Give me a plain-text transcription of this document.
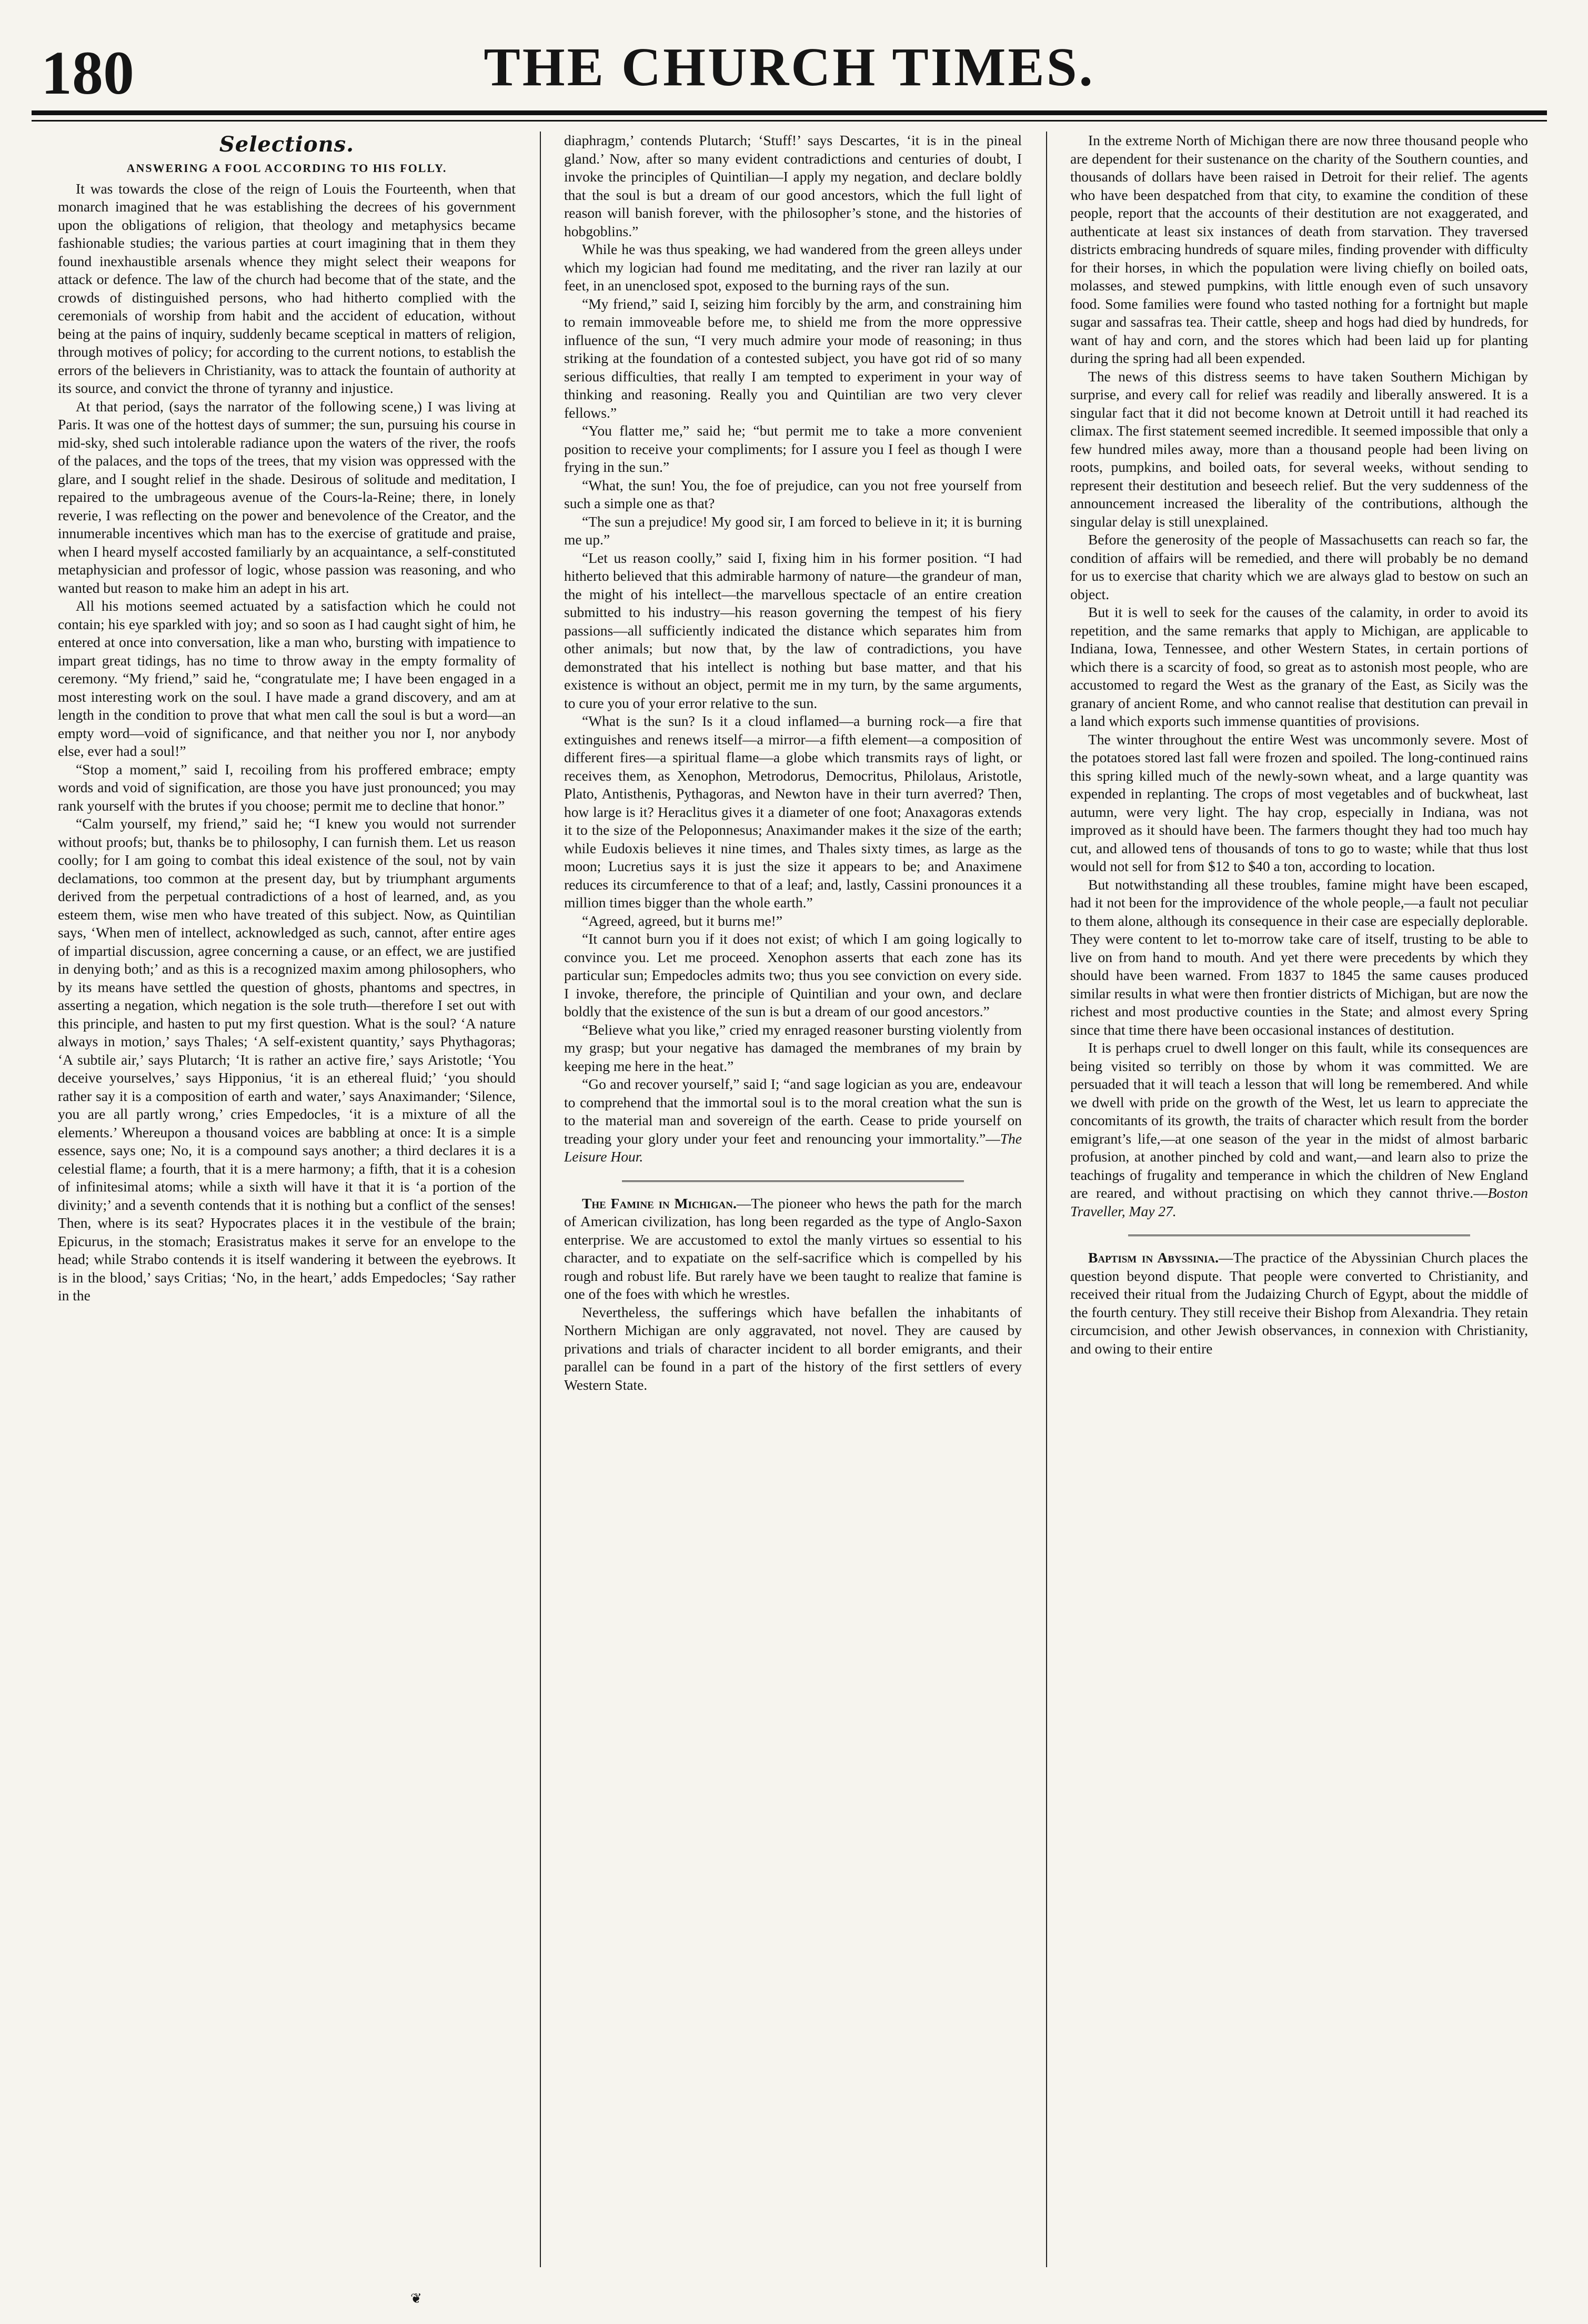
180	THE CHURCH TIMES.
Selections.
ANSWERING A FOOL ACCORDING TO HIS FOLLY.

It was towards the close of the reign of Louis the Fourteenth, when that monarch imagined that he was establishing the decrees of his government upon the obligations of religion, that theology and metaphysics became fashionable studies; the various parties at court imagining that in them they found inexhaustible arsenals whence they might select their weapons for attack or defence. The law of the church had become that of the state, and the crowds of distinguished persons, who had hitherto complied with the ceremonials of worship from habit and the accident of education, without being at the pains of inquiry, suddenly became sceptical in matters of religion, through motives of policy; for according to the current notions, to establish the errors of the believers in Christianity, was to attack the fountain of authority at its source, and convict the throne of tyranny and injustice.

At that period, (says the narrator of the following scene,) I was living at Paris. It was one of the hottest days of summer; the sun, pursuing his course in mid-sky, shed such intolerable radiance upon the waters of the river, the roofs of the palaces, and the tops of the trees, that my vision was oppressed with the glare, and I sought relief in the shade. Desirous of solitude and meditation, I repaired to the umbrageous avenue of the Cours-la-Reine; there, in lonely reverie, I was reflecting on the power and benevolence of the Creator, and the innumerable incentives which man has to the exercise of gratitude and praise, when I heard myself accosted familiarly by an acquaintance, a self-constituted metaphysician and professor of logic, whose passion was reasoning, and who wanted but reason to make him an adept in his art.

All his motions seemed actuated by a satisfaction which he could not contain; his eye sparkled with joy; and so soon as I had caught sight of him, he entered at once into conversation, like a man who, bursting with impatience to impart great tidings, has no time to throw away in the empty formality of ceremony. “My friend,” said he, “congratulate me; I have been engaged in a most interesting work on the soul. I have made a grand discovery, and am at length in the condition to prove that what men call the soul is but a word—an empty word—void of significance, and that neither you nor I, nor anybody else, ever had a soul!”

“Stop a moment,” said I, recoiling from his proffered embrace; empty words and void of signification, are those you have just pronounced; you may rank yourself with the brutes if you choose; permit me to decline that honor.”

“Calm yourself, my friend,” said he; “I knew you would not surrender without proofs; but, thanks be to philosophy, I can furnish them. Let us reason coolly; for I am going to combat this ideal existence of the soul, not by vain declamations, too common at the present day, but by triumphant arguments derived from the perpetual contradictions of a host of learned, and, as you esteem them, wise men who have treated of this subject. Now, as Quintilian says, ‘When men of intellect, acknowledged as such, cannot, after entire ages of impartial discussion, agree concerning a cause, or an effect, we are justified in denying both;’ and as this is a recognized maxim among philosophers, who by its means have settled the question of ghosts, phantoms and spectres, in asserting a negation, which negation is the sole truth—therefore I set out with this principle, and hasten to put my first question. What is the soul? ‘A nature always in motion,’ says Thales; ‘A self-existent quantity,’ says Phythagoras; ‘A subtile air,’ says Plutarch; ‘It is rather an active fire,’ says Aristotle; ‘You deceive yourselves,’ says Hipponius, ‘it is an ethereal fluid;’ ‘you should rather say it is a composition of earth and water,’ says Anaximander; ‘Silence, you are all partly wrong,’ cries Empedocles, ‘it is a mixture of all the elements.’ Whereupon a thousand voices are babbling at once: It is a simple essence, says one; No, it is a compound says another; a third declares it is a celestial flame; a fourth, that it is a mere harmony; a fifth, that it is a cohesion of infinitesimal atoms; while a sixth will have it that it is ‘a portion of the divinity;’ and a seventh contends that it is nothing but a conflict of the senses! Then, where is its seat? Hypocrates places it in the vestibule of the brain; Epicurus, in the stomach; Erasistratus makes it serve for an envelope to the head; while Strabo contends it is itself wandering it between the eyebrows. It is in the blood,’ says Critias; ‘No, in the heart,’ adds Empedocles; ‘Say rather in the

diaphragm,’ contends Plutarch; ‘Stuff!’ says Descartes, ‘it is in the pineal gland.’ Now, after so many evident contradictions and centuries of doubt, I invoke the principles of Quintilian—I apply my negation, and declare boldly that the soul is but a dream of our good ancestors, which the full light of reason will banish forever, with the philosopher’s stone, and the histories of hobgoblins.”

While he was thus speaking, we had wandered from the green alleys under which my logician had found me meditating, and the river ran lazily at our feet, in an unenclosed spot, exposed to the burning rays of the sun.

“My friend,” said I, seizing him forcibly by the arm, and constraining him to remain immoveable before me, to shield me from the more oppressive influence of the sun, “I very much admire your mode of reasoning; in thus striking at the foundation of a contested subject, you have got rid of so many serious difficulties, that really I am tempted to experiment in your way of thinking and reasoning. Really you and Quintilian are two very clever fellows.”

“You flatter me,” said he; “but permit me to take a more convenient position to receive your compliments; for I assure you I feel as though I were frying in the sun.”

“What, the sun! You, the foe of prejudice, can you not free yourself from such a simple one as that?

“The sun a prejudice! My good sir, I am forced to believe in it; it is burning me up.”

“Let us reason coolly,” said I, fixing him in his former position. “I had hitherto believed that this admirable harmony of nature—the grandeur of man, the might of his intellect—the marvellous spectacle of an entire creation submitted to his industry—his reason governing the tempest of his fiery passions—all sufficiently indicated the distance which separates him from other animals; but now that, by the law of contradictions, you have demonstrated that his intellect is nothing but base matter, and that his existence is without an object, permit me in my turn, by the same arguments, to cure you of your error relative to the sun.

“What is the sun? Is it a cloud inflamed—a burning rock—a fire that extinguishes and renews itself—a mirror—a fifth element—a composition of different fires—a spiritual flame—a globe which transmits rays of light, or receives them, as Xenophon, Metrodorus, Democritus, Philolaus, Aristotle, Plato, Antisthenis, Pythagoras, and Newton have in their turn averred? Then, how large is it? Heraclitus gives it a diameter of one foot; Anaxagoras extends it to the size of the Peloponnesus; Anaximander makes it the size of the earth; while Eudoxis believes it nine times, and Thales sixty times, as large as the moon; Lucretius says it is just the size it appears to be; and Anaximene reduces its circumference to that of a leaf; and, lastly, Cassini pronounces it a million times bigger than the whole earth.”

“Agreed, agreed, but it burns me!”

“It cannot burn you if it does not exist; of which I am going logically to convince you. Let me proceed. Xenophon asserts that each zone has its particular sun; Empedocles admits two; thus you see conviction on every side. I invoke, therefore, the principle of Quintilian and your own, and declare boldly that the existence of the sun is but a dream of our good ancestors.”

“Believe what you like,” cried my enraged reasoner bursting violently from my grasp; but your negative has damaged the membranes of my brain by keeping me here in the heat.”

“Go and recover yourself,” said I; “and sage logician as you are, endeavour to comprehend that the immortal soul is to the moral creation what the sun is to the material man and sovereign of the earth. Cease to pride yourself on treading your glory under your feet and renouncing your immortality.”—The Leisure Hour.

The Famine in Michigan.—The pioneer who hews the path for the march of American civilization, has long been regarded as the type of Anglo-Saxon enterprise. We are accustomed to extol the manly virtues so essential to his character, and to expatiate on the self-sacrifice which is compelled by his rough and robust life. But rarely have we been taught to realize that famine is one of the foes with which he wrestles.

Nevertheless, the sufferings which have befallen the inhabitants of Northern Michigan are only aggravated, not novel. They are caused by privations and trials of character incident to all border emigrants, and their parallel can be found in a part of the history of the first settlers of every Western State.

In the extreme North of Michigan there are now three thousand people who are dependent for their sustenance on the charity of the Southern counties, and thousands of dollars have been raised in Detroit for their relief. The agents who have been despatched from that city, to examine the condition of these people, report that the accounts of their destitution are not exaggerated, and authenticate at least six instances of death from starvation. They traversed districts embracing hundreds of square miles, finding provender with difficulty for their horses, in which the population were living chiefly on boiled oats, molasses, and stewed pumpkins, with little enough even of such unsavory food. Some families were found who tasted nothing for a fortnight but maple sugar and sassafras tea. Their cattle, sheep and hogs had died by hundreds, for want of hay and corn, and the stores which had been laid up for planting during the spring had all been expended.

The news of this distress seems to have taken Southern Michigan by surprise, and every call for relief was readily and liberally answered. It is a singular fact that it did not become known at Detroit untill it had reached its climax. The first statement seemed incredible. It seemed impossible that only a few hundred miles away, more than a thousand people had been living on roots, pumpkins, and boiled oats, for several weeks, without sending to represent their destitution and beseech relief. But the very suddenness of the announcement increased the liberality of the contributions, although the singular delay is still unexplained.

Before the generosity of the people of Massachusetts can reach so far, the condition of affairs will be remedied, and there will probably be no demand for us to exercise that charity which we are always glad to bestow on such an object.

But it is well to seek for the causes of the calamity, in order to avoid its repetition, and the same remarks that apply to Michigan, are applicable to Indiana, Iowa, Tennessee, and other Western States, in certain portions of which there is a scarcity of food, so great as to astonish most people, who are accustomed to regard the West as the granary of the East, as Sicily was the granary of ancient Rome, and who cannot realise that destitution can prevail in a land which exports such immense quantities of provisions.

The winter throughout the entire West was uncommonly severe. Most of the potatoes stored last fall were frozen and spoiled. The long-continued rains this spring killed much of the newly-sown wheat, and a large quantity was expended in replanting. The crops of most vegetables and of buckwheat, last autumn, were very light. The hay crop, especially in Indiana, was not improved as it should have been. The farmers thought they had too much hay cut, and allowed tens of thousands of tons to go to waste; while that thus lost would not sell for from $12 to $40 a ton, according to location.

But notwithstanding all these troubles, famine might have been escaped, had it not been for the improvidence of the whole people,—a fault not peculiar to them alone, although its consequence in their case are especially deplorable. They were content to let to-morrow take care of itself, trusting to be able to live on from hand to mouth. And yet there were precedents by which they should have been warned. From 1837 to 1845 the same causes produced similar results in what were then frontier districts of Michigan, but are now the richest and most productive counties in the State; and almost every Spring since that time there have been occasional instances of destitution.

It is perhaps cruel to dwell longer on this fault, while its consequences are being visited so terribly on those by whom it was committed. We are persuaded that it will teach a lesson that will long be remembered. And while we dwell with pride on the growth of the West, let us learn to appreciate the concomitants of its growth, the traits of character which result from the border emigrant’s life,—at one season of the year in the midst of almost barbaric profusion, at another pinched by cold and want,—and learn also to prize the teachings of frugality and temperance in which the children of New England are reared, and without practising on which they cannot thrive.—Boston Traveller, May 27.

Baptism in Abyssinia.—The practice of the Abyssinian Church places the question beyond dispute. That people were converted to Christianity, and received their ritual from the Judaizing Church of Egypt, about the middle of the fourth century. They still receive their Bishop from Alexandria. They retain circumcision, and other Jewish observances, in connexion with Christianity, and owing to their entire

❦
